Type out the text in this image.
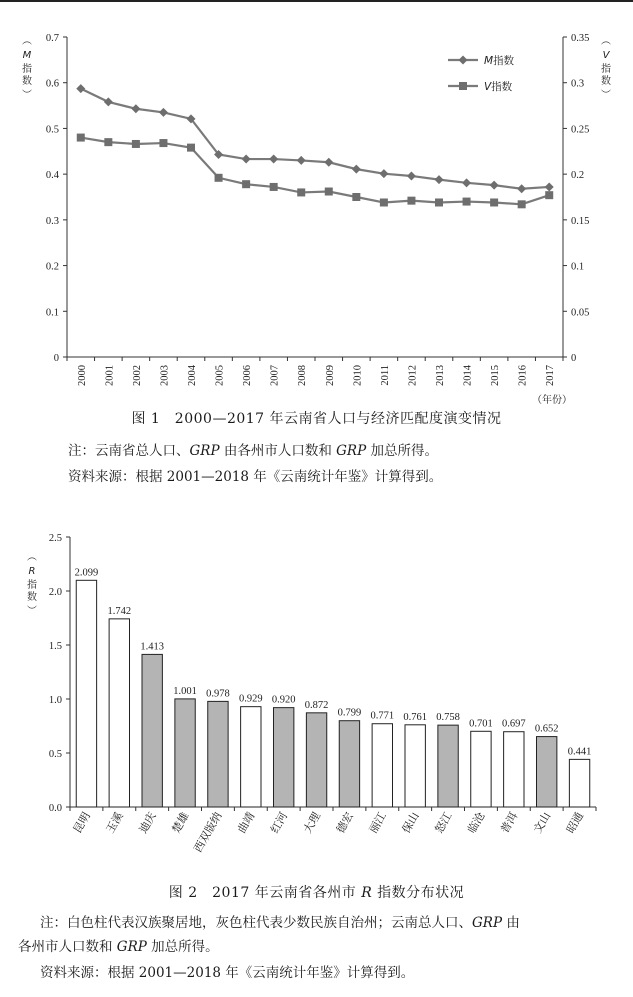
0
0.1
0.2
0.3
0.4
0.5
0.6
0.7
0
0.05
0.1
0.15
0.2
0.25
0.3
0.35
2000 2001 2002 2003 2004 2005 2006 2007 2008 2009 2010 2011 2012 2013 2014 2015 2016 2017
M指数
V指数
︵
M
指
数
︶
︵
V
指
数
︶
（年份）
图 1　2000—2017 年云南省人口与经济匹配度演变情况
注：云南省总人口、GRP 由各州市人口数和 GRP 加总所得。
资料来源：根据 2001—2018 年《云南统计年鉴》计算得到。
0.0
0.5
1.0
1.5
2.0
2.5
2.099
昆明
1.742
玉溪
1.413
迪庆
1.001
楚雄
0.978
西双版纳
0.929
曲靖
0.920
红河
0.872
大理
0.799
德宏
0.771
丽江
0.761
保山
0.758
怒江
0.701
临沧
0.697
普洱
0.652
文山
0.441
昭通
︵
R
指
数
︶
图 2　2017 年云南省各州市 R 指数分布状况
注：白色柱代表汉族聚居地，灰色柱代表少数民族自治州；云南总人口、GRP 由
各州市人口数和 GRP 加总所得。
资料来源：根据 2001—2018 年《云南统计年鉴》计算得到。
